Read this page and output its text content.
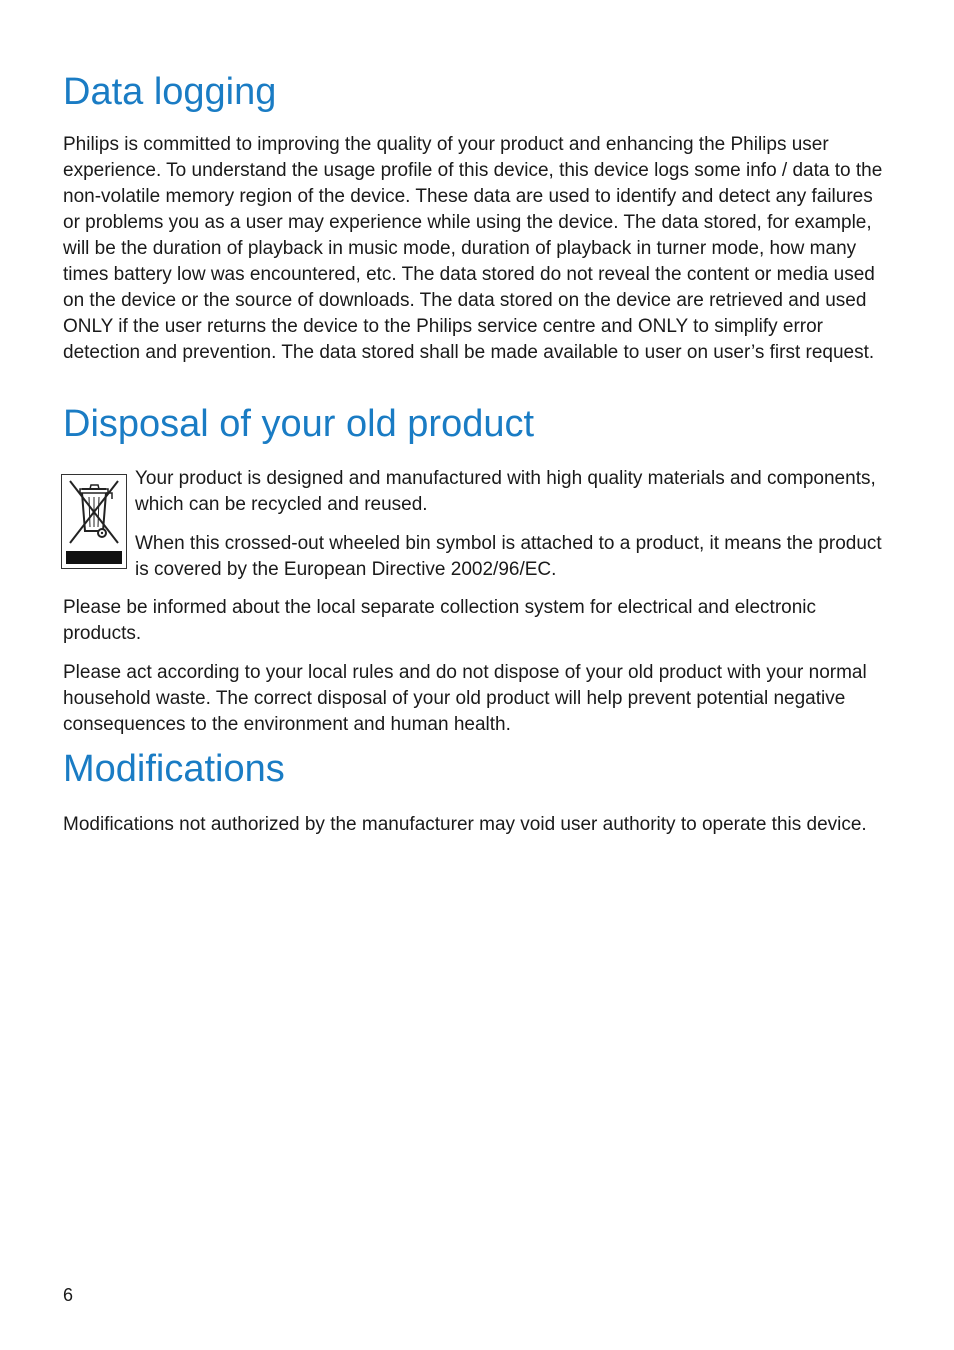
Data logging

Philips is committed to improving the quality of your product and enhancing the Philips user experience. To understand the usage profile of this device, this device logs some info / data to the non-volatile memory region of the device. These data are used to identify and detect any failures or problems you as a user may experience while using the device. The data stored, for example, will be the duration of playback in music mode, duration of playback in turner mode, how many times battery low was encountered, etc. The data stored do not reveal the content or media used on the device or the source of downloads. The data stored on the device are retrieved and used ONLY if the user returns the device to the Philips service centre and ONLY to simplify error detection and prevention. The data stored shall be made available to user on user’s first request.

Disposal of your old product

Your product is designed and manufactured with high quality materials and components, which can be recycled and reused.

When this crossed-out wheeled bin symbol is attached to a product, it means the product is covered by the European Directive 2002/96/EC.

Please be informed about the local separate collection system for electrical and electronic products.

Please act according to your local rules and do not dispose of your old product with your normal household waste. The correct disposal of your old product will help prevent potential negative consequences to the environment and human health.

Modifications

Modifications not authorized by the manufacturer may void user authority to operate this device.

6
